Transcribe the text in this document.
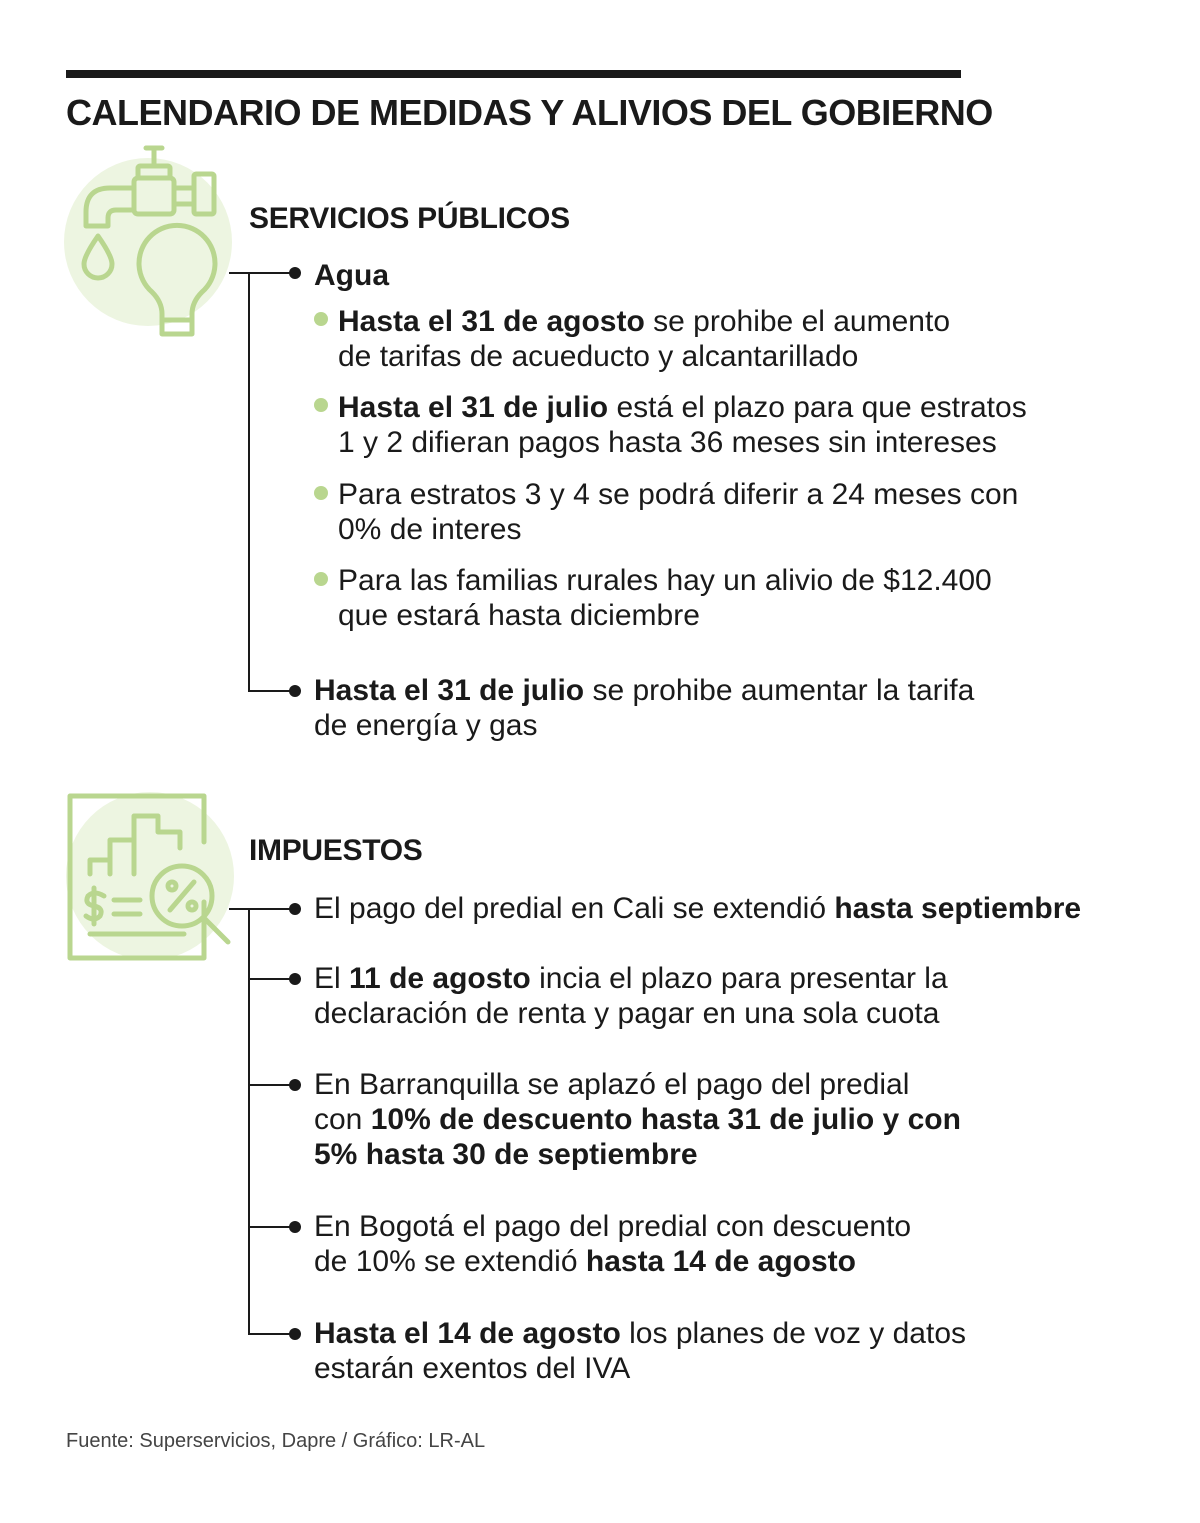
CALENDARIO DE MEDIDAS Y ALIVIOS DEL GOBIERNO
SERVICIOS PÚBLICOS
Agua
Hasta el 31 de agosto se prohibe el aumento
de tarifas de acueducto y alcantarillado
Hasta el 31 de julio está el plazo para que estratos
1 y 2 difieran pagos hasta 36 meses sin intereses
Para estratos 3 y 4 se podrá diferir a 24 meses con
0% de interes
Para las familias rurales hay un alivio de $12.400
que estará hasta diciembre
Hasta el 31 de julio se prohibe aumentar la tarifa
de energía y gas
IMPUESTOS
El pago del predial en Cali se extendió hasta septiembre
El 11 de agosto incia el plazo para presentar la
declaración de renta y pagar en una sola cuota
En Barranquilla se aplazó el pago del predial
con 10% de descuento hasta 31 de julio y con
5% hasta 30 de septiembre
En Bogotá el pago del predial con descuento
de 10% se extendió hasta 14 de agosto
Hasta el 14 de agosto los planes de voz y datos
estarán exentos del IVA
Fuente: Superservicios, Dapre / Gráfico: LR-AL
